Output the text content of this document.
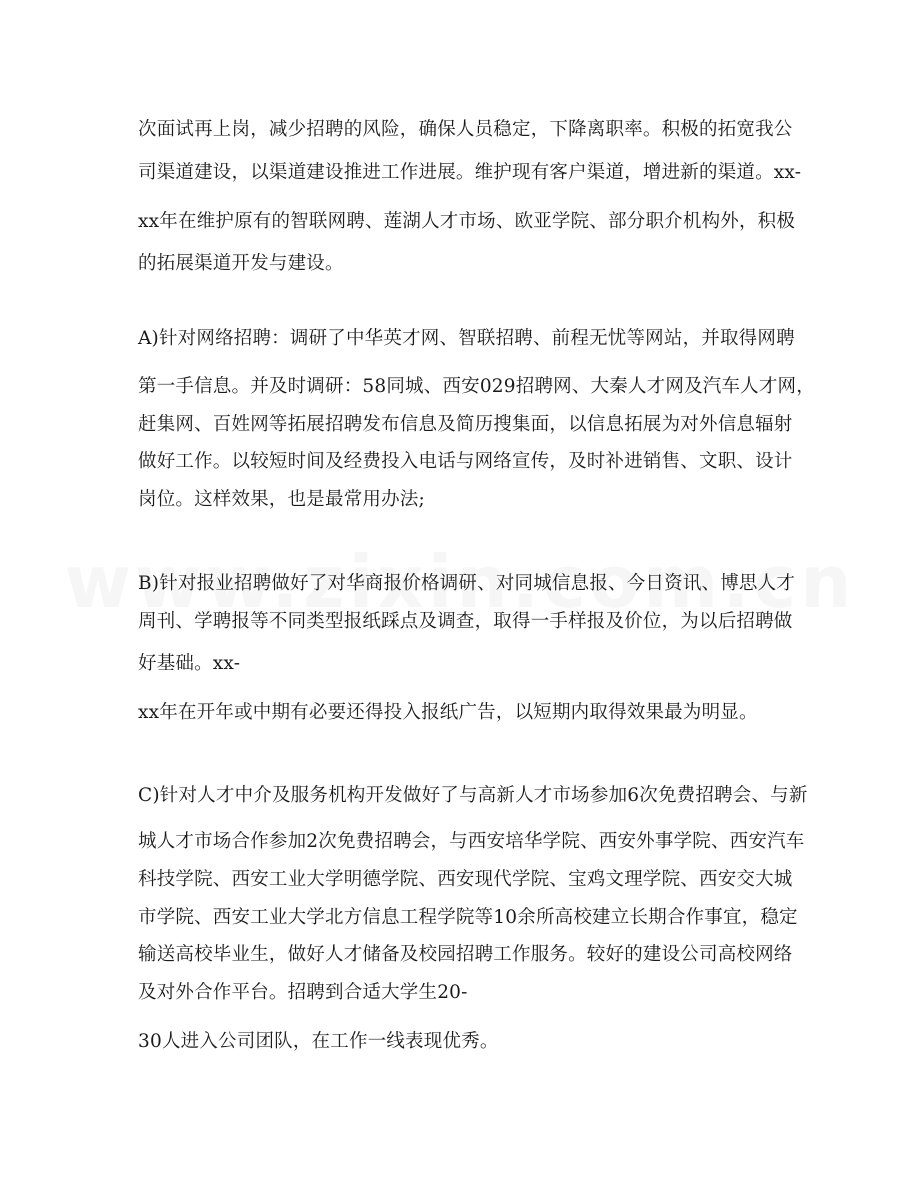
次面试再上岗，减少招聘的风险，确保人员稳定，下降离职率。积极的拓宽我公
司渠道建设，以渠道建设推进工作进展。维护现有客户渠道，增进新的渠道。xx-
xx年在维护原有的智联网聘、莲湖人才市场、欧亚学院、部分职介机构外，积极
的拓展渠道开发与建设。
A)针对网络招聘：调研了中华英才网、智联招聘、前程无忧等网站，并取得网聘
第一手信息。并及时调研：58同城、西安029招聘网、大秦人才网及汽车人才网，
赶集网、百姓网等拓展招聘发布信息及简历搜集面，以信息拓展为对外信息辐射
做好工作。以较短时间及经费投入电话与网络宣传，及时补进销售、文职、设计
岗位。这样效果，也是最常用办法;
B)针对报业招聘做好了对华商报价格调研、对同城信息报、今日资讯、博思人才
周刊、学聘报等不同类型报纸踩点及调查，取得一手样报及价位，为以后招聘做
好基础。xx-
xx年在开年或中期有必要还得投入报纸广告，以短期内取得效果最为明显。
C)针对人才中介及服务机构开发做好了与高新人才市场参加6次免费招聘会、与新
城人才市场合作参加2次免费招聘会，与西安培华学院、西安外事学院、西安汽车
科技学院、西安工业大学明德学院、西安现代学院、宝鸡文理学院、西安交大城
市学院、西安工业大学北方信息工程学院等10余所高校建立长期合作事宜，稳定
输送高校毕业生，做好人才储备及校园招聘工作服务。较好的建设公司高校网络
及对外合作平台。招聘到合适大学生20-
30人进入公司团队，在工作一线表现优秀。
